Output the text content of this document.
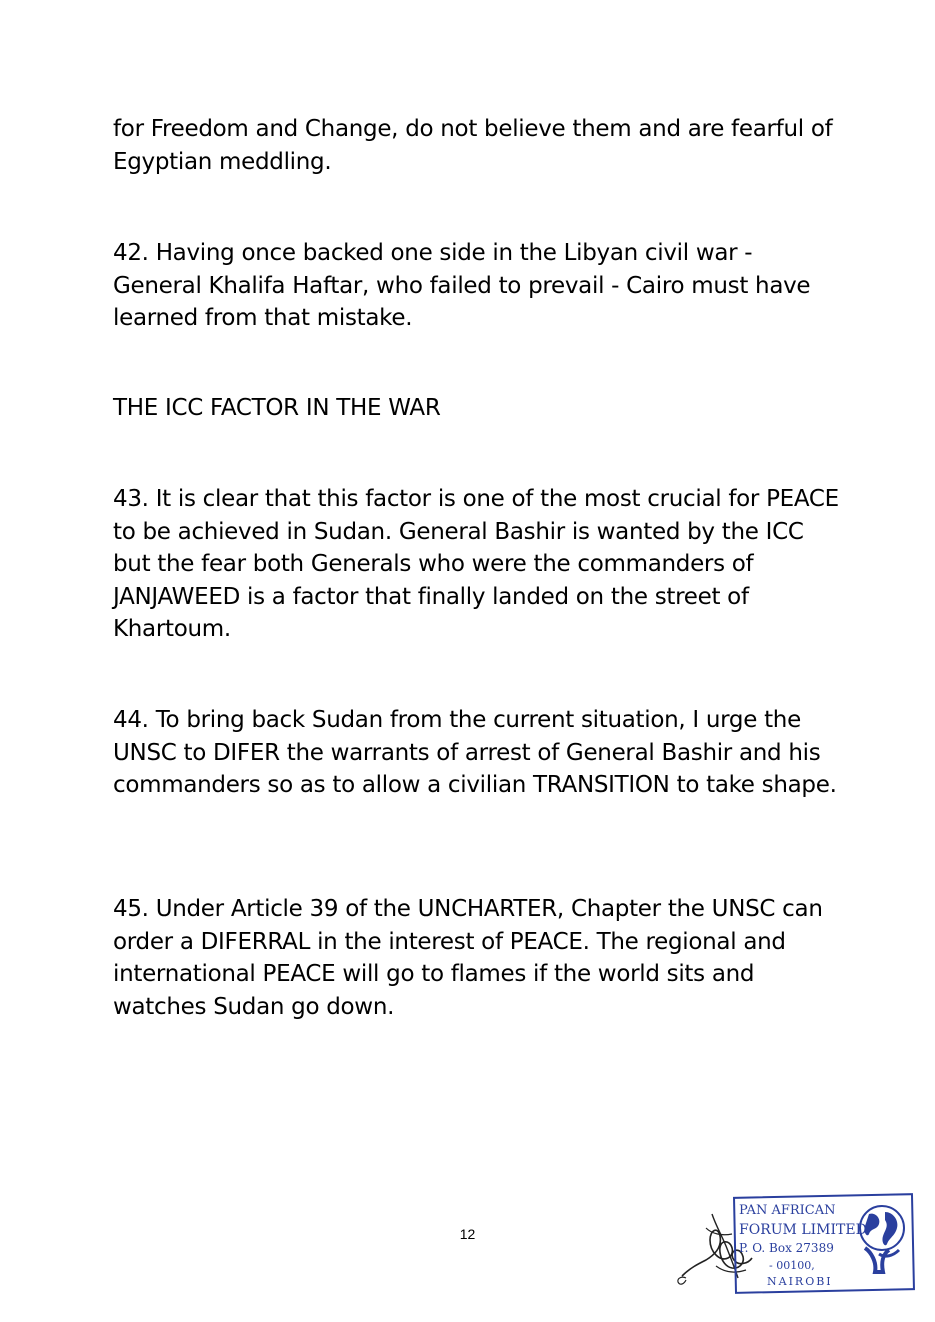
for Freedom and Change, do not believe them and are fearful of Egyptian meddling.

42. Having once backed one side in the Libyan civil war - General Khalifa Haftar, who failed to prevail - Cairo must have learned from that mistake.

THE ICC FACTOR IN THE WAR

43. It is clear that this factor is one of the most crucial for PEACE to be achieved in Sudan. General Bashir is wanted by the ICC but the fear both Generals who were the commanders of JANJAWEED is a factor that finally landed on the street of Khartoum.

44. To bring back Sudan from the current situation, I urge the UNSC to DIFER the warrants of arrest of General Bashir and his commanders so as to allow a civilian TRANSITION to take shape.

45. Under Article 39 of the UNCHARTER, Chapter the UNSC can order a DIFERRAL in the interest of PEACE. The regional and international PEACE will go to flames if the world sits and watches Sudan go down.

12
PAN AFRICAN
FORUM LIMITED
P. O. Box 27389
- 00100,
NAIROBI
